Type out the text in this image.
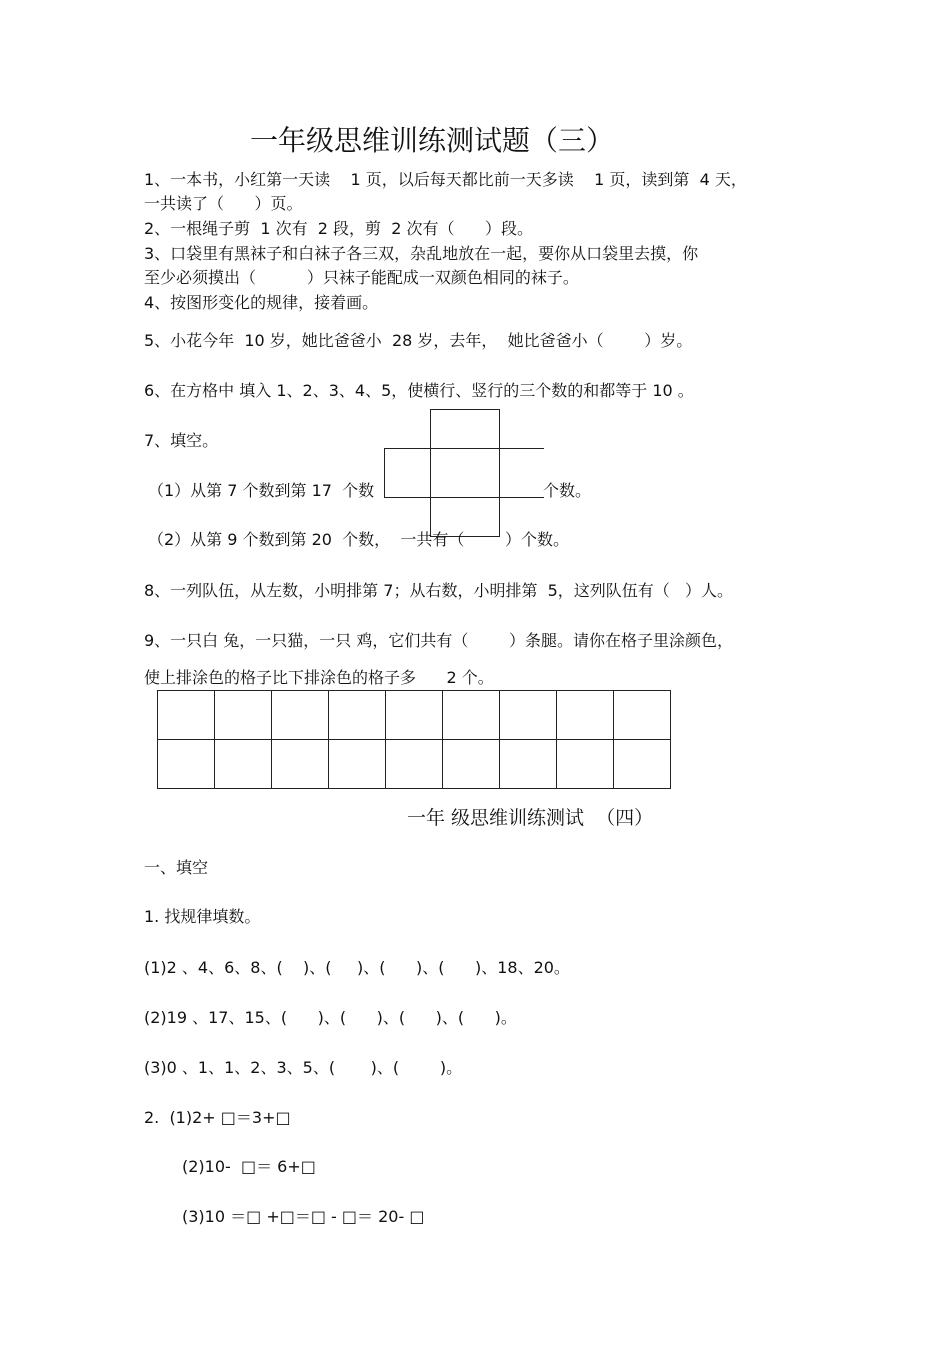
一年级思维训练测试题（三）
1、一本书，小红第一天读    1 页，以后每天都比前一天多读    1 页，读到第  4 天，
一共读了（      ）页。
2、一根绳子剪  1 次有  2 段，剪  2 次有（      ）段。
3、口袋里有黑袜子和白袜子各三双，杂乱地放在一起，要你从口袋里去摸，你
至少必须摸出（          ）只袜子能配成一双颜色相同的袜子。
4、按图形变化的规律，接着画。
5、小花今年  10 岁，她比爸爸小  28 岁，去年，  她比爸爸小（        ）岁。
6、在方格中 填入 1、2、3、4、5，使横行、竖行的三个数的和都等于 10 。
7、填空。
（1）从第 7 个数到第 17  个数	个数。
（2）从第 9 个数到第 20  个数，  一共有（        ）个数。
8、一列队伍，从左数，小明排第 7；从右数，小明排第  5，这列队伍有（   ）人。
9、一只白 兔，一只猫，一只 鸡，它们共有（        ）条腿。请你在格子里涂颜色，
使上排涂色的格子比下排涂色的格子多      2 个。

一年 级思维训练测试  （四）
一、填空
1. 找规律填数。
(1)2 、4、6、8、(    )、(     )、(      )、(      )、18、20。
(2)19 、17、15、(      )、(      )、(      )、(      )。
(3)0 、1、1、2、3、5、(       )、(        )。
2.  (1)2+ □＝3+□
(2)10-  □＝ 6+□
(3)10 ＝□ +□＝□ - □＝ 20- □
